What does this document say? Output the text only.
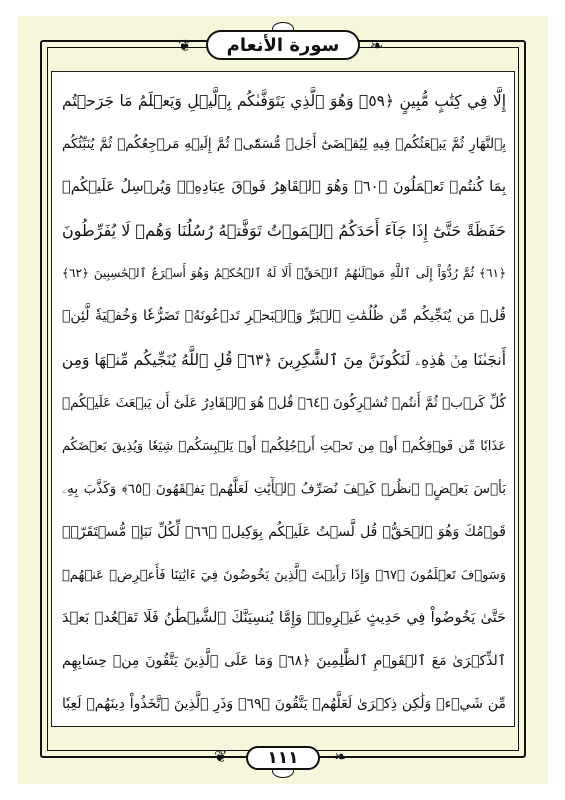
❦	❧
❦	❧
سورة الأنعام
إِلَّا فِي كِتَٰبٍ مُّبِينٍ ﴿٥٩﴾ وَهُوَ ٱلَّذِي يَتَوَفَّىٰكُم بِٱلَّيۡلِ وَيَعۡلَمُ مَا جَرَحۡتُم
بِٱلنَّهَارِ ثُمَّ يَبۡعَثُكُمۡ فِيهِ لِيُقۡضَىٰٓ أَجَلٞ مُّسَمّٗىۖ ثُمَّ إِلَيۡهِ مَرۡجِعُكُمۡ ثُمَّ يُنَبِّئُكُم
بِمَا كُنتُمۡ تَعۡمَلُونَ ﴿٦٠﴾ وَهُوَ ٱلۡقَاهِرُ فَوۡقَ عِبَادِهِۦۖ وَيُرۡسِلُ عَلَيۡكُمۡ
حَفَظَةً حَتَّىٰٓ إِذَا جَآءَ أَحَدَكُمُ ٱلۡمَوۡتُ تَوَفَّتۡهُ رُسُلُنَا وَهُمۡ لَا يُفَرِّطُونَ
﴿٦١﴾ ثُمَّ رُدُّوٓاْ إِلَى ٱللَّهِ مَوۡلَىٰهُمُ ٱلۡحَقِّۚ أَلَا لَهُ ٱلۡحُكۡمُ وَهُوَ أَسۡرَعُ ٱلۡحَٰسِبِينَ ﴿٦٢﴾
قُلۡ مَن يُنَجِّيكُم مِّن ظُلُمَٰتِ ٱلۡبَرِّ وَٱلۡبَحۡرِ تَدۡعُونَهُۥ تَضَرُّعٗا وَخُفۡيَةٗ لَّئِنۡ
أَنجَىٰنَا مِنۡ هَٰذِهِۦ لَنَكُونَنَّ مِنَ ٱلشَّٰكِرِينَ ﴿٦٣﴾ قُلِ ٱللَّهُ يُنَجِّيكُم مِّنۡهَا وَمِن
كُلِّ كَرۡبٖ ثُمَّ أَنتُمۡ تُشۡرِكُونَ ﴿٦٤﴾ قُلۡ هُوَ ٱلۡقَادِرُ عَلَىٰٓ أَن يَبۡعَثَ عَلَيۡكُمۡ
عَذَابٗا مِّن فَوۡقِكُمۡ أَوۡ مِن تَحۡتِ أَرۡجُلِكُمۡ أَوۡ يَلۡبِسَكُمۡ شِيَعٗا وَيُذِيقَ بَعۡضَكُم
بَأۡسَ بَعۡضٍۗ ٱنظُرۡ كَيۡفَ نُصَرِّفُ ٱلۡأٓيَٰتِ لَعَلَّهُمۡ يَفۡقَهُونَ ﴿٦٥﴾ وَكَذَّبَ بِهِۦ
قَوۡمُكَ وَهُوَ ٱلۡحَقُّۚ قُل لَّسۡتُ عَلَيۡكُم بِوَكِيلٖ ﴿٦٦﴾ لِّكُلِّ نَبَإٖ مُّسۡتَقَرّٞۚ
وَسَوۡفَ تَعۡلَمُونَ ﴿٦٧﴾ وَإِذَا رَأَيۡتَ ٱلَّذِينَ يَخُوضُونَ فِيٓ ءَايَٰتِنَا فَأَعۡرِضۡ عَنۡهُمۡ
حَتَّىٰ يَخُوضُواْ فِي حَدِيثٍ غَيۡرِهِۦۚ وَإِمَّا يُنسِيَنَّكَ ٱلشَّيۡطَٰنُ فَلَا تَقۡعُدۡ بَعۡدَ
ٱلذِّكۡرَىٰ مَعَ ٱلۡقَوۡمِ ٱلظَّٰلِمِينَ ﴿٦٨﴾ وَمَا عَلَى ٱلَّذِينَ يَتَّقُونَ مِنۡ حِسَابِهِم
مِّن شَيۡءٖ وَلَٰكِن ذِكۡرَىٰ لَعَلَّهُمۡ يَتَّقُونَ ﴿٦٩﴾ وَذَرِ ٱلَّذِينَ ٱتَّخَذُواْ دِينَهُمۡ لَعِبٗا
١١١
